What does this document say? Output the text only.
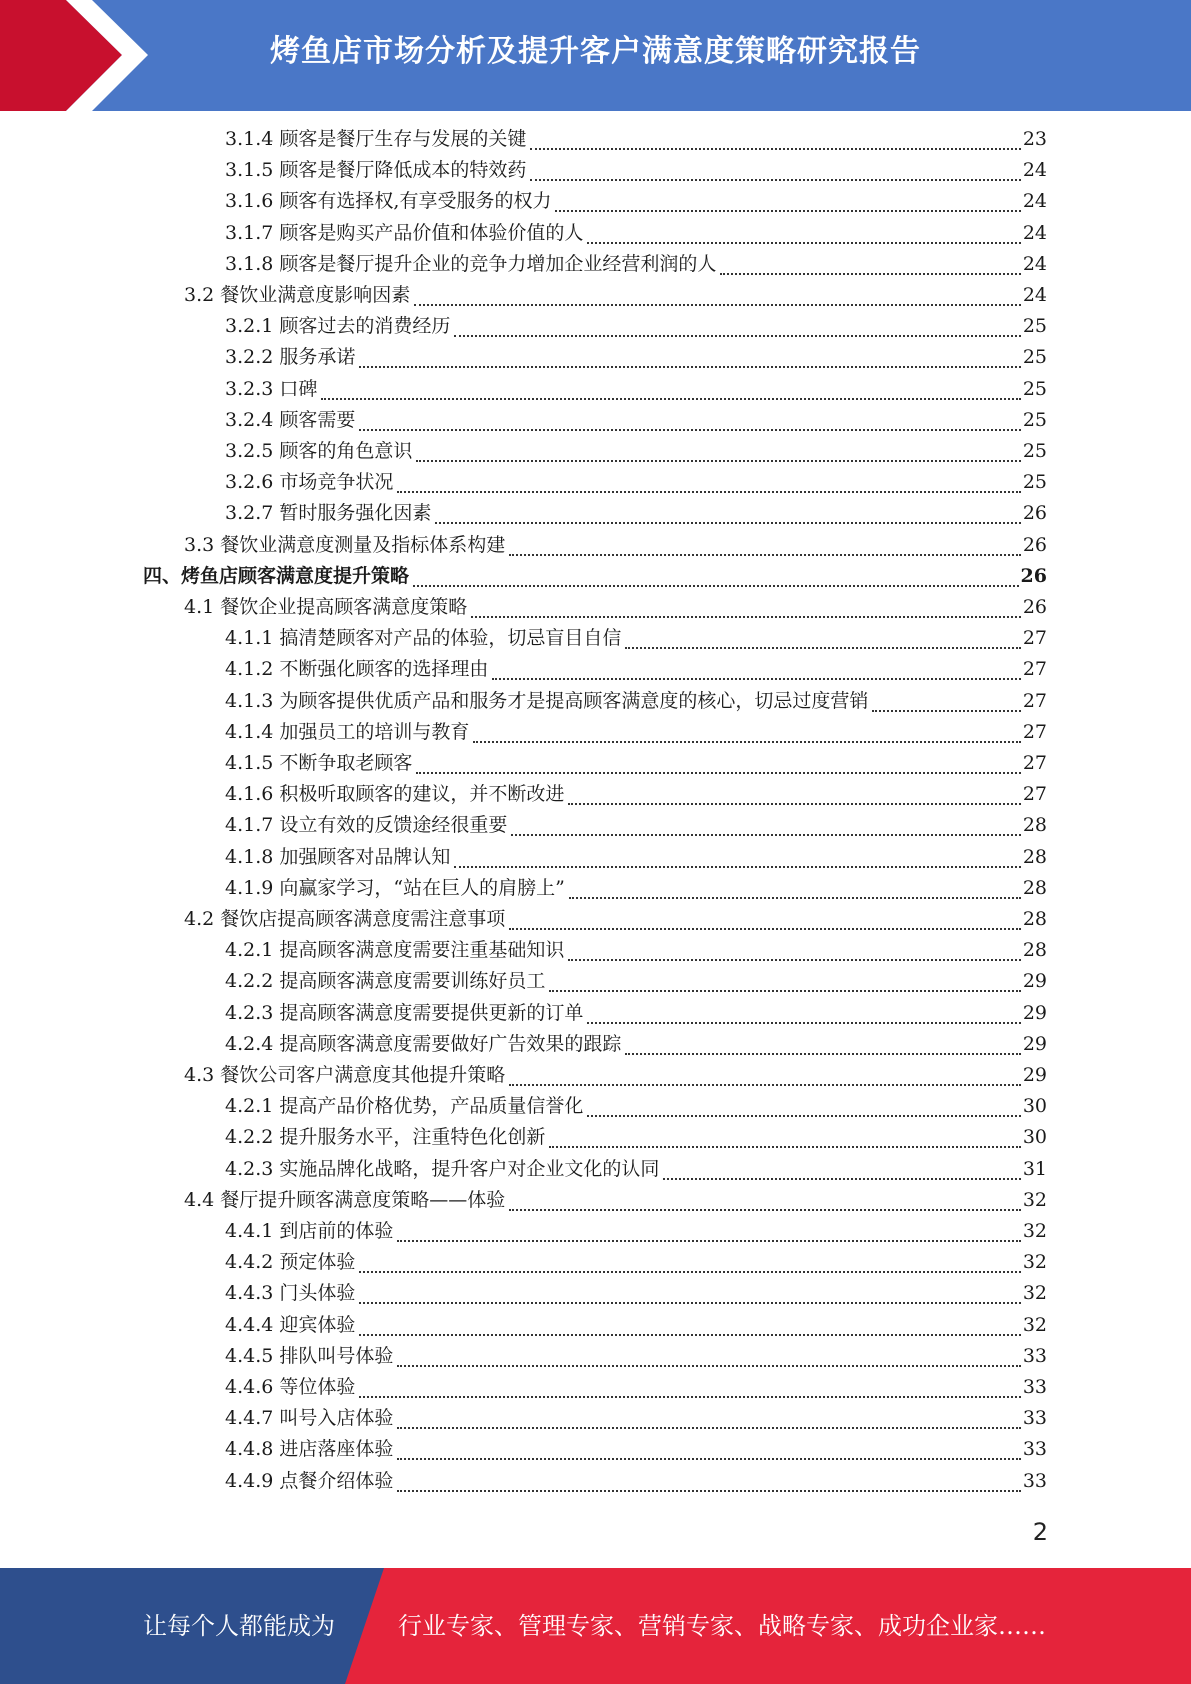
烤鱼店市场分析及提升客户满意度策略研究报告
3.1.4 顾客是餐厅生存与发展的关键	23
3.1.5 顾客是餐厅降低成本的特效药	24
3.1.6 顾客有选择权,有享受服务的权力	24
3.1.7 顾客是购买产品价值和体验价值的人	24
3.1.8 顾客是餐厅提升企业的竞争力增加企业经营利润的人	24
3.2 餐饮业满意度影响因素	24
3.2.1 顾客过去的消费经历	25
3.2.2 服务承诺	25
3.2.3 口碑	25
3.2.4 顾客需要	25
3.2.5 顾客的角色意识	25
3.2.6 市场竞争状况	25
3.2.7 暂时服务强化因素	26
3.3 餐饮业满意度测量及指标体系构建	26
四、烤鱼店顾客满意度提升策略	26
4.1 餐饮企业提高顾客满意度策略	26
4.1.1 搞清楚顾客对产品的体验，切忌盲目自信	27
4.1.2 不断强化顾客的选择理由	27
4.1.3 为顾客提供优质产品和服务才是提高顾客满意度的核心，切忌过度营销	27
4.1.4 加强员工的培训与教育	27
4.1.5 不断争取老顾客	27
4.1.6 积极听取顾客的建议，并不断改进	27
4.1.7 设立有效的反馈途经很重要	28
4.1.8 加强顾客对品牌认知	28
4.1.9 向赢家学习，“站在巨人的肩膀上”	28
4.2 餐饮店提高顾客满意度需注意事项	28
4.2.1 提高顾客满意度需要注重基础知识	28
4.2.2 提高顾客满意度需要训练好员工	29
4.2.3 提高顾客满意度需要提供更新的订单	29
4.2.4 提高顾客满意度需要做好广告效果的跟踪	29
4.3 餐饮公司客户满意度其他提升策略	29
4.2.1 提高产品价格优势，产品质量信誉化	30
4.2.2 提升服务水平，注重特色化创新	30
4.2.3 实施品牌化战略，提升客户对企业文化的认同	31
4.4 餐厅提升顾客满意度策略——体验	32
4.4.1 到店前的体验	32
4.4.2 预定体验	32
4.4.3 门头体验	32
4.4.4 迎宾体验	32
4.4.5 排队叫号体验	33
4.4.6 等位体验	33
4.4.7 叫号入店体验	33
4.4.8 进店落座体验	33
4.4.9 点餐介绍体验	33
2
让每个人都能成为	行业专家、管理专家、营销专家、战略专家、成功企业家……
